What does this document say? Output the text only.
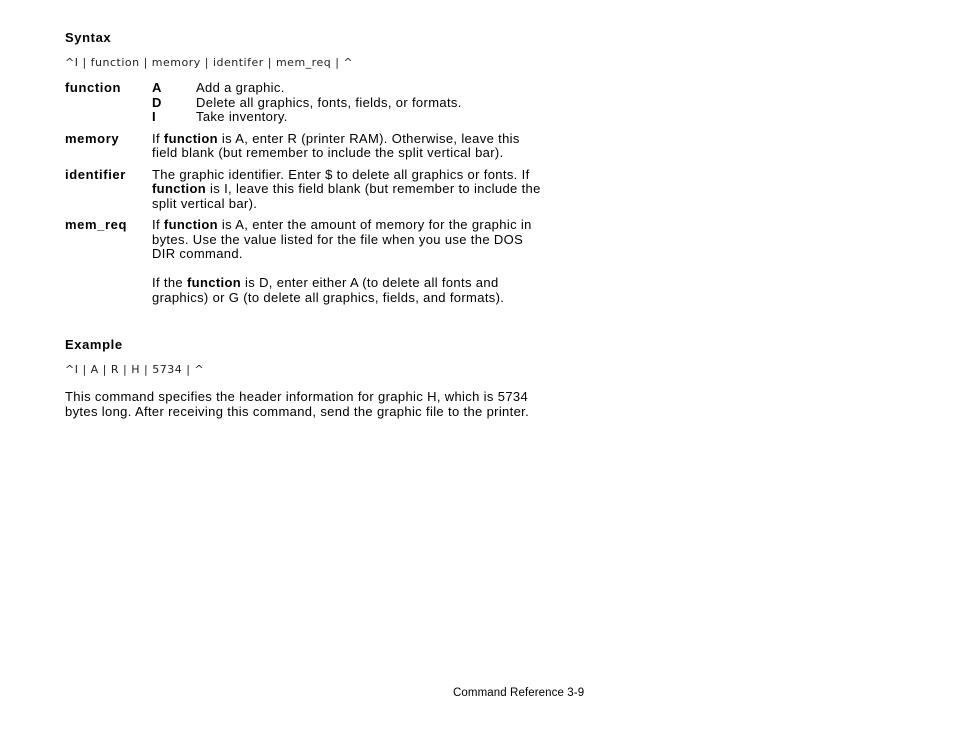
Syntax
^I | function | memory | identifer | mem_req | ^
function	A	Add a graphic.
D	Delete all graphics, fonts, fields, or formats.
I	Take inventory.
memory	If function is A, enter R (printer RAM). Otherwise, leave this field blank (but remember to include the split vertical bar).

identifier	The graphic identifier. Enter $ to delete all graphics or fonts. If function is I, leave this field blank (but remember to include the split vertical bar).

mem_req	If function is A, enter the amount of memory for the graphic in bytes. Use the value listed for the file when you use the DOS DIR command.

If the function is D, enter either A (to delete all fonts and graphics) or G (to delete all graphics, fields, and formats).

Example
^I | A | R | H | 5734 | ^

This command specifies the header information for graphic H, which is 5734 bytes long. After receiving this command, send the graphic file to the printer.

Command Reference 3-9
